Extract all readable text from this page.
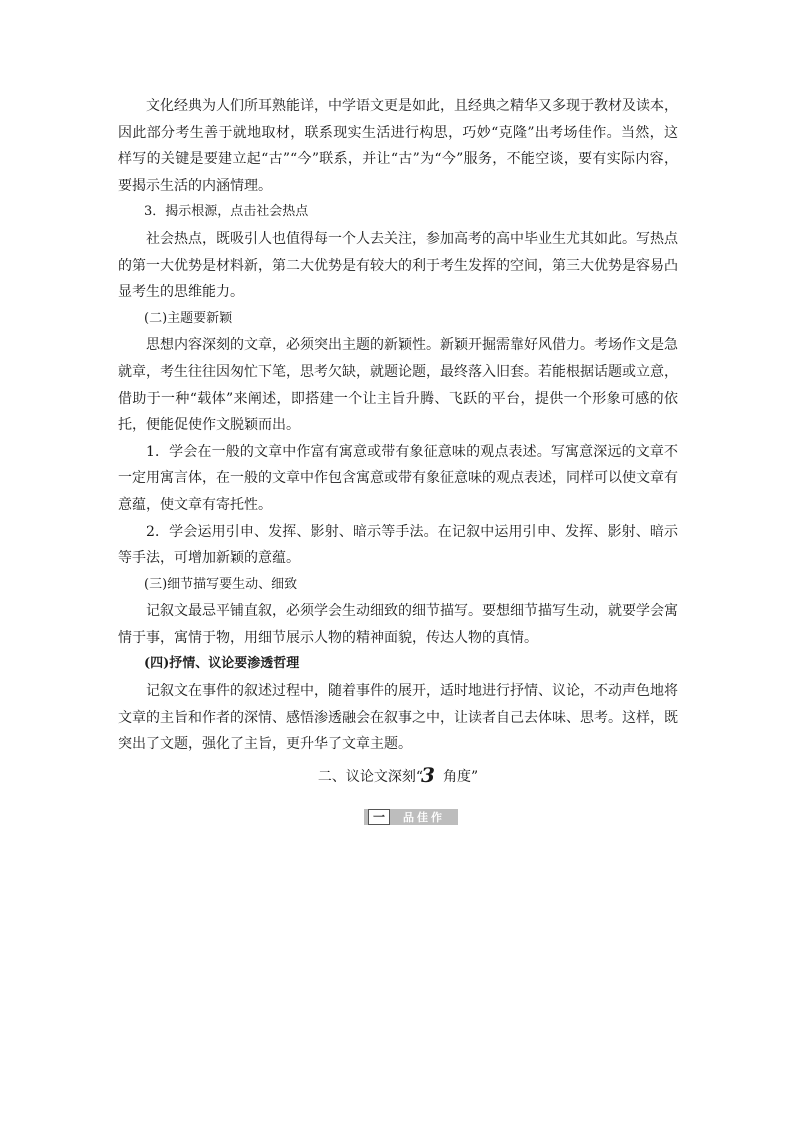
文化经典为人们所耳熟能详，中学语文更是如此，且经典之精华又多现于教材及读本，因此部分考生善于就地取材，联系现实生活进行构思，巧妙“克隆”出考场佳作。当然，这样写的关键是要建立起“古”“今”联系，并让“古”为“今”服务，不能空谈，要有实际内容，要揭示生活的内涵情理。

3．揭示根源，点击社会热点

社会热点，既吸引人也值得每一个人去关注，参加高考的高中毕业生尤其如此。写热点的第一大优势是材料新，第二大优势是有较大的利于考生发挥的空间，第三大优势是容易凸显考生的思维能力。

(二)主题要新颖

思想内容深刻的文章，必须突出主题的新颖性。新颖开掘需靠好风借力。考场作文是急就章，考生往往因匆忙下笔，思考欠缺，就题论题，最终落入旧套。若能根据话题或立意，借助于一种“载体”来阐述，即搭建一个让主旨升腾、飞跃的平台，提供一个形象可感的依托，便能促使作文脱颖而出。

1．学会在一般的文章中作富有寓意或带有象征意味的观点表述。写寓意深远的文章不一定用寓言体，在一般的文章中作包含寓意或带有象征意味的观点表述，同样可以使文章有意蕴，使文章有寄托性。

2．学会运用引申、发挥、影射、暗示等手法。在记叙中运用引申、发挥、影射、暗示等手法，可增加新颖的意蕴。

(三)细节描写要生动、细致

记叙文最忌平铺直叙，必须学会生动细致的细节描写。要想细节描写生动，就要学会寓情于事，寓情于物，用细节展示人物的精神面貌，传达人物的真情。

(四)抒情、议论要渗透哲理

记叙文在事件的叙述过程中，随着事件的展开，适时地进行抒情、议论，不动声色地将文章的主旨和作者的深情、感悟渗透融会在叙事之中，让读者自己去体味、思考。这样，既突出了文题，强化了主旨，更升华了文章主题。

二、议论文深刻“3 角度”

一	品佳作
